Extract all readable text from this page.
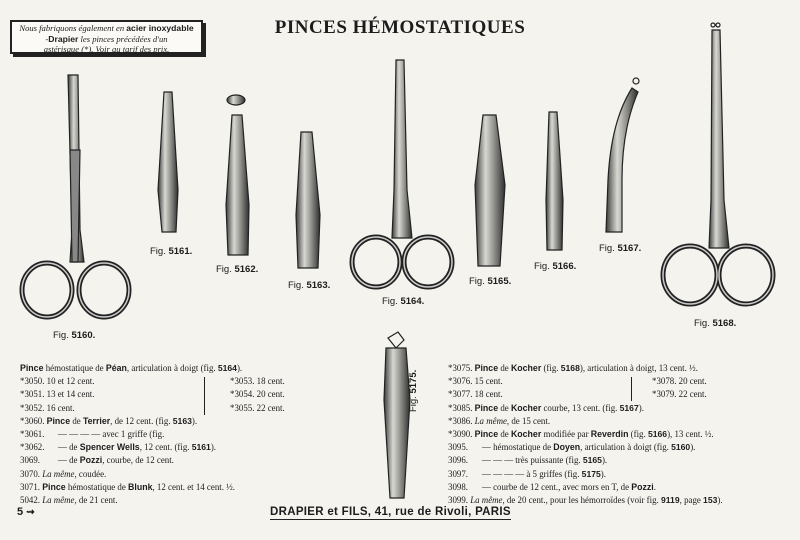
Nous fabriquons également en acier inoxydable
-Drapier les pinces précédées d'un
astérisque (*). Voir au tarif des prix.
PINCES HÉMOSTATIQUES
Fig. 5161.
Fig. 5162.
Fig. 5163.
Fig. 5164.
Fig. 5165.
Fig. 5166.
Fig. 5167.
Fig. 5168.
Fig. 5160.
Fig. 5175.
Pince hémostatique de Péan, articulation à doigt (fig. 5164).
*3050. 10 et 12 cent.	*3053. 18 cent.
*3051. 13 et 14 cent.	*3054. 20 cent.
*3052. 16 cent.	*3055. 22 cent.
*3060. Pince de Terrier, de 12 cent. (fig. 5163).
*3061. — — — — avec 1 griffe (fig.
*3062. — de Spencer Wells, 12 cent. (fig. 5161).
3069. — de Pozzi, courbe, de 12 cent.
3070. La même, coudée.
3071. Pince hémostatique de Blunk, 12 cent. et 14 cent. ½.
5042. La même, de 21 cent.
*3075. Pince de Kocher (fig. 5168), articulation à doigt, 13 cent. ½.
*3076. 15 cent.	*3078. 20 cent.
*3077. 18 cent.	*3079. 22 cent.
*3085. Pince de Kocher courbe, 13 cent. (fig. 5167).
*3086. La même, de 15 cent.
*3090. Pince de Kocher modifiée par Reverdin (fig. 5166), 13 cent. ½.
3095. — hémostatique de Doyen, articulation à doigt (fig. 5160).
3096. — — — très puissante (fig. 5165).
3097. — — — — à 5 griffes (fig. 5175).
3098. — courbe de 12 cent., avec mors en T, de Pozzi.
3099. La même, de 20 cent., pour les hémorroïdes (voir fig. 9119, page 153).
5 ⇝	DRAPIER et FILS, 41, rue de Rivoli, PARIS
